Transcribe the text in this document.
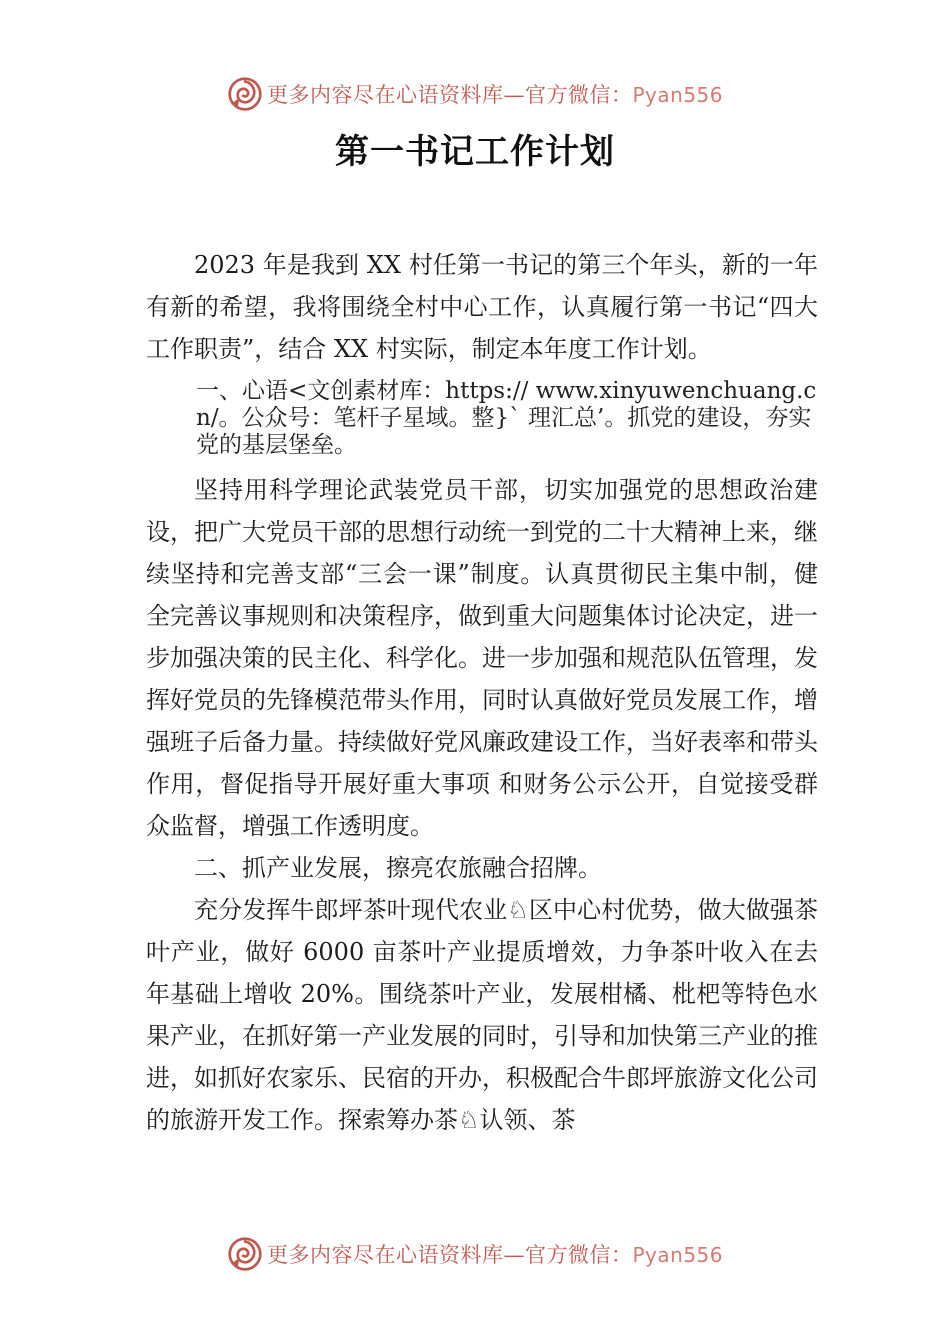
更多内容尽在心语资料库—官方微信：Pyan556
第一书记工作计划

2023 年是我到 XX 村任第一书记的第三个年头，新的一年有新的希望，我将围绕全村中心工作，认真履行第一书记“四大工作职责”，结合 XX 村实际，制定本年度工作计划。

一、心语<文创素材库：https:// www.xinyuwenchuang.cn/。公众号：笔杆子星域。整}` 理汇总’。抓党的建设，夯实党的基层堡垒。

坚持用科学理论武装党员干部，切实加强党的思想政治建设，把广大党员干部的思想行动统一到党的二十大精神上来，继续坚持和完善支部“三会一课”制度。认真贯彻民主集中制，健全完善议事规则和决策程序，做到重大问题集体讨论决定，进一步加强决策的民主化、科学化。进一步加强和规范队伍管理，发挥好党员的先锋模范带头作用，同时认真做好党员发展工作，增强班子后备力量。持续做好党风廉政建设工作，当好表率和带头作用，督促指导开展好重大事项 和财务公示公开，自觉接受群众监督，增强工作透明度。

二、抓产业发展，擦亮农旅融合招牌。

充分发挥牛郎坪茶叶现代农业♘区中心村优势，做大做强茶叶产业，做好 6000 亩茶叶产业提质增效，力争茶叶收入在去年基础上增收 20%。围绕茶叶产业，发展柑橘、枇杷等特色水果产业，在抓好第一产业发展的同时，引导和加快第三产业的推进，如抓好农家乐、民宿的开办，积极配合牛郎坪旅游文化公司的旅游开发工作。探索筹办茶♘认领、茶

更多内容尽在心语资料库—官方微信：Pyan556
